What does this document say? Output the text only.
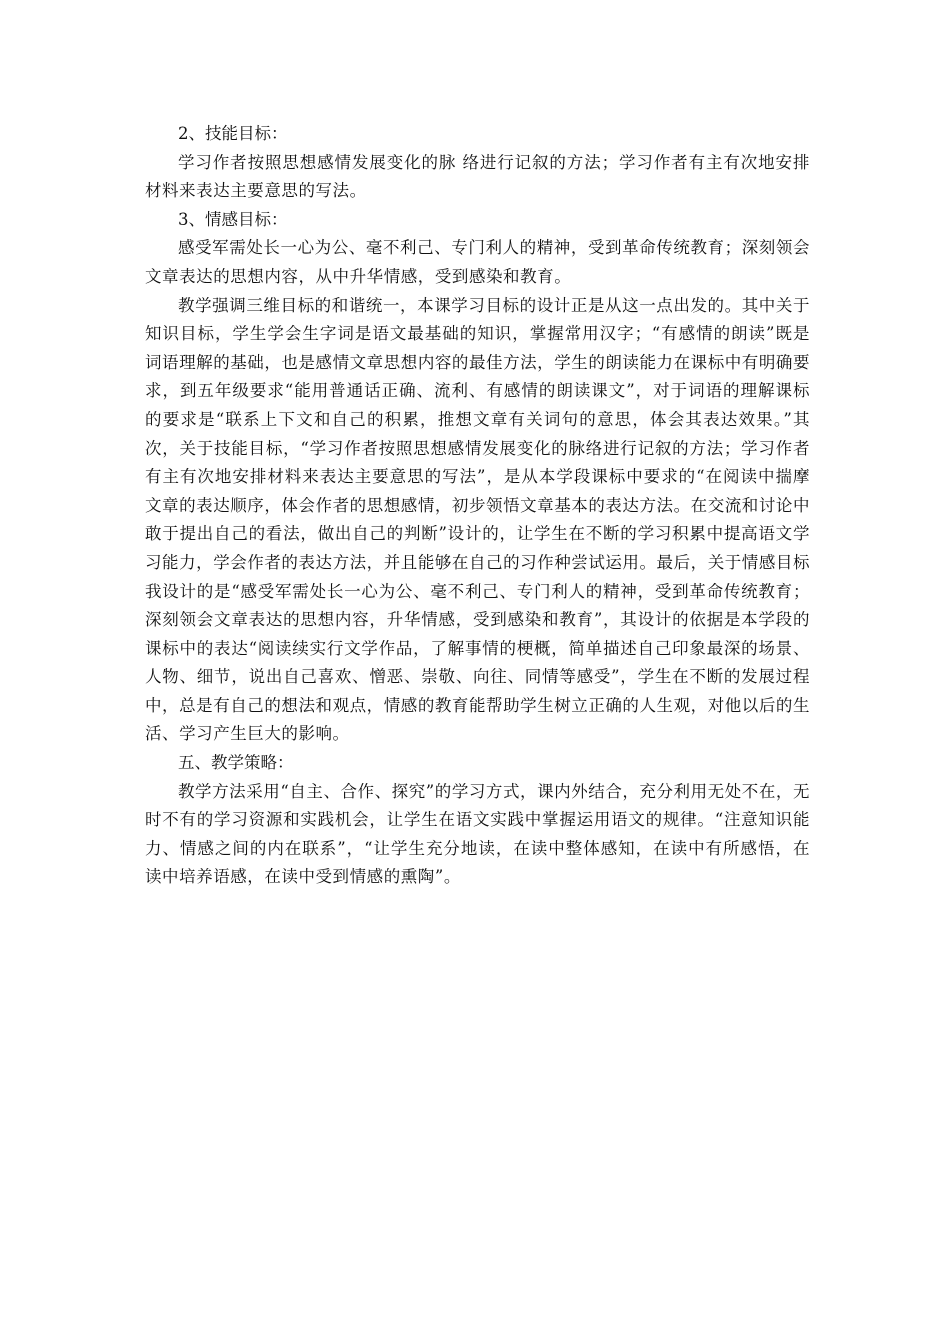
2、技能目标：

学习作者按照思想感情发展变化的脉 络进行记叙的方法；学习作者有主有次地安排材料来表达主要意思的写法。

3、情感目标：

感受军需处长一心为公、毫不利己、专门利人的精神，受到革命传统教育；深刻领会文章表达的思想内容，从中升华情感，受到感染和教育。

教学强调三维目标的和谐统一，本课学习目标的设计正是从这一点出发的。其中关于知识目标，学生学会生字词是语文最基础的知识，掌握常用汉字；“有感情的朗读”既是词语理解的基础，也是感情文章思想内容的最佳方法，学生的朗读能力在课标中有明确要求，到五年级要求“能用普通话正确、流利、有感情的朗读课文”，对于词语的理解课标的要求是“联系上下文和自己的积累，推想文章有关词句的意思，体会其表达效果。”其次，关于技能目标，“学习作者按照思想感情发展变化的脉络进行记叙的方法；学习作者有主有次地安排材料来表达主要意思的写法”，是从本学段课标中要求的“在阅读中揣摩文章的表达顺序，体会作者的思想感情，初步领悟文章基本的表达方法。在交流和讨论中敢于提出自己的看法，做出自己的判断”设计的，让学生在不断的学习积累中提高语文学习能力，学会作者的表达方法，并且能够在自己的习作种尝试运用。最后，关于情感目标我设计的是“感受军需处长一心为公、毫不利己、专门利人的精神，受到革命传统教育；深刻领会文章表达的思想内容，升华情感，受到感染和教育”，其设计的依据是本学段的课标中的表达“阅读续实行文学作品，了解事情的梗概，简单描述自己印象最深的场景、人物、细节，说出自己喜欢、憎恶、崇敬、向往、同情等感受”，学生在不断的发展过程中，总是有自己的想法和观点，情感的教育能帮助学生树立正确的人生观，对他以后的生活、学习产生巨大的影响。

五、教学策略：

教学方法采用“自主、合作、探究”的学习方式，课内外结合，充分利用无处不在，无时不有的学习资源和实践机会，让学生在语文实践中掌握运用语文的规律。“注意知识能力、情感之间的内在联系”，“让学生充分地读，在读中整体感知，在读中有所感悟，在读中培养语感，在读中受到情感的熏陶”。
